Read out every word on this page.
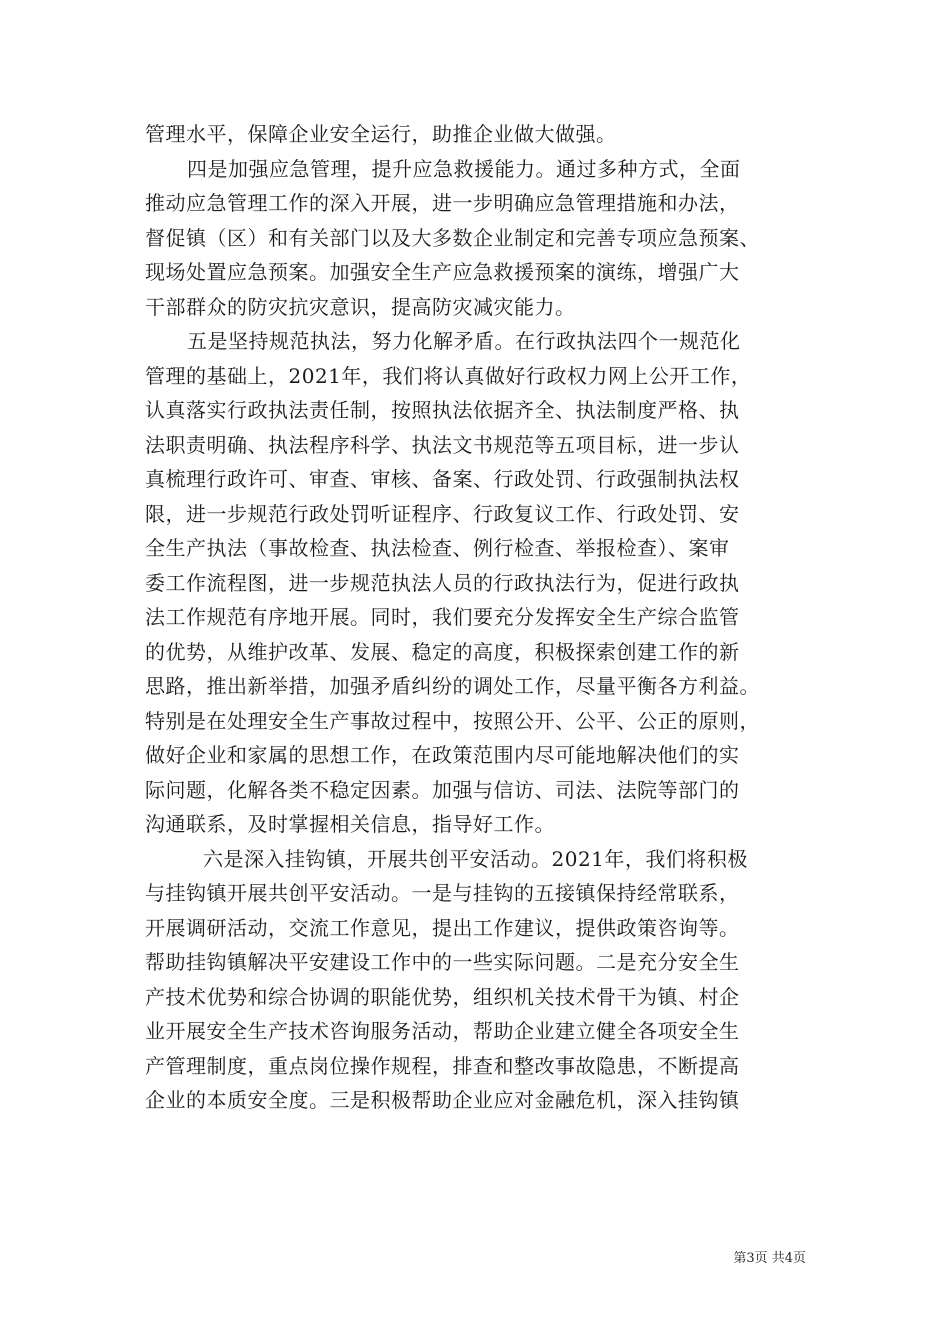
管理水平，保障企业安全运行，助推企业做大做强。
四是加强应急管理，提升应急救援能力。通过多种方式，全面
推动应急管理工作的深入开展，进一步明确应急管理措施和办法，
督促镇（区）和有关部门以及大多数企业制定和完善专项应急预案、
现场处置应急预案。加强安全生产应急救援预案的演练，增强广大
干部群众的防灾抗灾意识，提高防灾减灾能力。
五是坚持规范执法，努力化解矛盾。在行政执法四个一规范化
管理的基础上，2021年，我们将认真做好行政权力网上公开工作，
认真落实行政执法责任制，按照执法依据齐全、执法制度严格、执
法职责明确、执法程序科学、执法文书规范等五项目标，进一步认
真梳理行政许可、审查、审核、备案、行政处罚、行政强制执法权
限，进一步规范行政处罚听证程序、行政复议工作、行政处罚、安
全生产执法（事故检查、执法检查、例行检查、举报检查）、案审
委工作流程图，进一步规范执法人员的行政执法行为，促进行政执
法工作规范有序地开展。同时，我们要充分发挥安全生产综合监管
的优势，从维护改革、发展、稳定的高度，积极探索创建工作的新
思路，推出新举措，加强矛盾纠纷的调处工作，尽量平衡各方利益。
特别是在处理安全生产事故过程中，按照公开、公平、公正的原则，
做好企业和家属的思想工作，在政策范围内尽可能地解决他们的实
际问题，化解各类不稳定因素。加强与信访、司法、法院等部门的
沟通联系，及时掌握相关信息，指导好工作。
六是深入挂钩镇，开展共创平安活动。2021年，我们将积极
与挂钩镇开展共创平安活动。一是与挂钩的五接镇保持经常联系，
开展调研活动，交流工作意见，提出工作建议，提供政策咨询等。
帮助挂钩镇解决平安建设工作中的一些实际问题。二是充分安全生
产技术优势和综合协调的职能优势，组织机关技术骨干为镇、村企
业开展安全生产技术咨询服务活动，帮助企业建立健全各项安全生
产管理制度，重点岗位操作规程，排查和整改事故隐患，不断提高
企业的本质安全度。三是积极帮助企业应对金融危机，深入挂钩镇
第3页 共4页
